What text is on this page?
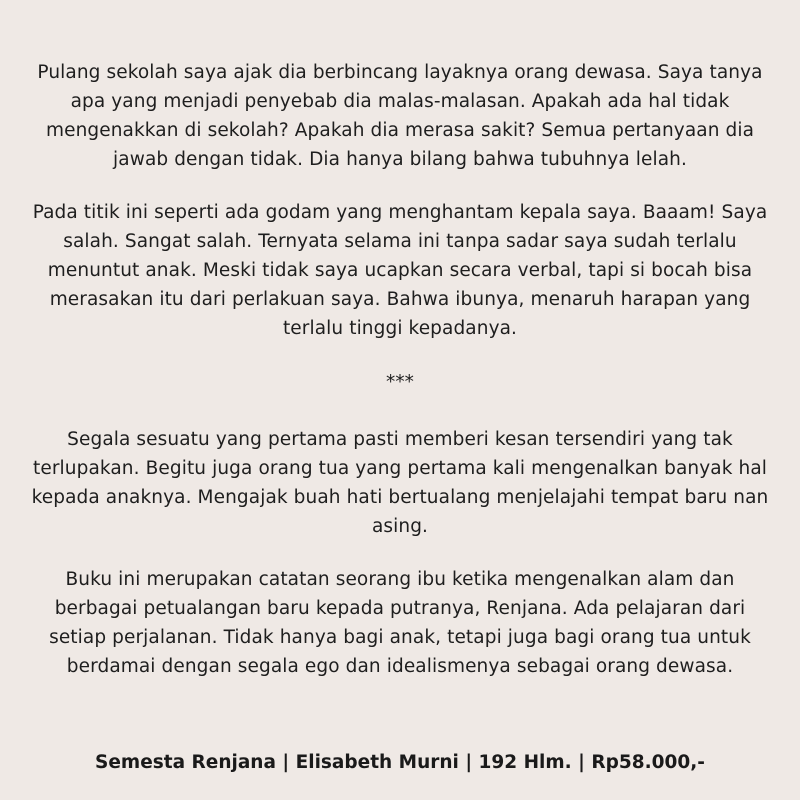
Pulang sekolah saya ajak dia berbincang layaknya orang dewasa. Saya tanya
apa yang menjadi penyebab dia malas-malasan. Apakah ada hal tidak
mengenakkan di sekolah? Apakah dia merasa sakit? Semua pertanyaan dia
jawab dengan tidak. Dia hanya bilang bahwa tubuhnya lelah.

Pada titik ini seperti ada godam yang menghantam kepala saya. Baaam! Saya
salah. Sangat salah. Ternyata selama ini tanpa sadar saya sudah terlalu
menuntut anak. Meski tidak saya ucapkan secara verbal, tapi si bocah bisa
merasakan itu dari perlakuan saya. Bahwa ibunya, menaruh harapan yang
terlalu tinggi kepadanya.

***

Segala sesuatu yang pertama pasti memberi kesan tersendiri yang tak
terlupakan. Begitu juga orang tua yang pertama kali mengenalkan banyak hal
kepada anaknya. Mengajak buah hati bertualang menjelajahi tempat baru nan
asing.

Buku ini merupakan catatan seorang ibu ketika mengenalkan alam dan
berbagai petualangan baru kepada putranya, Renjana. Ada pelajaran dari
setiap perjalanan. Tidak hanya bagi anak, tetapi juga bagi orang tua untuk
berdamai dengan segala ego dan idealismenya sebagai orang dewasa.

Semesta Renjana | Elisabeth Murni | 192 Hlm. | Rp58.000,-
